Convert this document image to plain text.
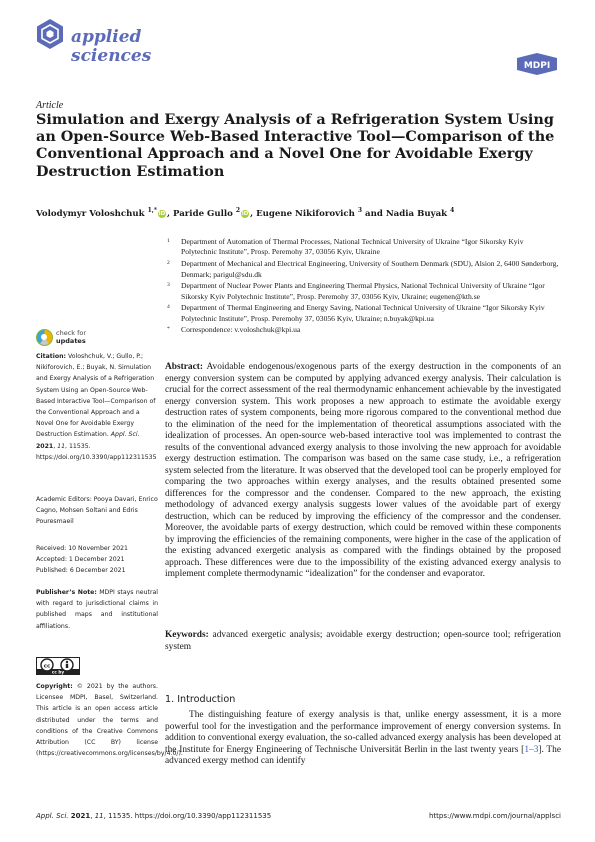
applied
sciences	MDPI
Article
Simulation and Exergy Analysis of a Refrigeration System Using an Open-Source Web-Based Interactive Tool—Comparison of the Conventional Approach and a Novel One for Avoidable Exergy Destruction Estimation
Volodymyr Voloshchuk $^{1,*}$ iD , Paride Gullo $^2$ iD , Eugene Nikiforovich $^3$ and Nadia Buyak $^4$
1 Department of Automation of Thermal Processes, National Technical University of Ukraine “Igor Sikorsky Kyiv Polytechnic Institute”, Prosp. Peremohy 37, 03056 Kyiv, Ukraine
2 Department of Mechanical and Electrical Engineering, University of Southern Denmark (SDU), Alsion 2, 6400 Sønderborg, Denmark; parigul@sdu.dk
3 Department of Nuclear Power Plants and Engineering Thermal Physics, National Technical University of Ukraine “Igor Sikorsky Kyiv Polytechnic Institute”, Prosp. Peremohy 37, 03056 Kyiv, Ukraine; eugenen@kth.se
4 Department of Thermal Engineering and Energy Saving, National Technical University of Ukraine “Igor Sikorsky Kyiv Polytechnic Institute”, Prosp. Peremohy 37, 03056 Kyiv, Ukraine; n.buyak@kpi.ua
* Correspondence: v.voloshchuk@kpi.ua
check for
updates
Citation: Voloshchuk, V.; Gullo, P.; Nikiforovich, E.; Buyak, N. Simulation and Exergy Analysis of a Refrigeration System Using an Open-Source Web-Based Interactive Tool—Comparison of the Conventional Approach and a Novel One for Avoidable Exergy Destruction Estimation. Appl. Sci. 2021, 11, 11535. https://doi.org/10.3390/app112311535
Academic Editors: Pooya Davari, Enrico Cagno, Mohsen Soltani and Edris Pouresmaeil
Received: 10 November 2021
Accepted: 1 December 2021
Published: 6 December 2021
Publisher’s Note: MDPI stays neutral with regard to jurisdictional claims in published maps and institutional affiliations.
cc
cc by
Copyright: © 2021 by the authors. Licensee MDPI, Basel, Switzerland. This article is an open access article distributed under the terms and conditions of the Creative Commons Attribution (CC BY) license (https://creativecommons.org/licenses/by/4.0/).
Abstract: Avoidable endogenous/exogenous parts of the exergy destruction in the components of an energy conversion system can be computed by applying advanced exergy analysis. Their calculation is crucial for the correct assessment of the real thermodynamic enhancement achievable by the investigated energy conversion system. This work proposes a new approach to estimate the avoidable exergy destruction rates of system components, being more rigorous compared to the conventional method due to the elimination of the need for the implementation of theoretical assumptions associated with the idealization of processes. An open-source web-based interactive tool was implemented to contrast the results of the conventional advanced exergy analysis to those involving the new approach for avoidable exergy destruction estimation. The comparison was based on the same case study, i.e., a refrigeration system selected from the literature. It was observed that the developed tool can be properly employed for comparing the two approaches within exergy analyses, and the results obtained presented some differences for the compressor and the condenser. Compared to the new approach, the existing methodology of advanced exergy analysis suggests lower values of the avoidable part of exergy destruction, which can be reduced by improving the efficiency of the compressor and the condenser. Moreover, the avoidable parts of exergy destruction, which could be removed within these components by improving the efficiencies of the remaining components, were higher in the case of the application of the existing advanced exergetic analysis as compared with the findings obtained by the proposed approach. These differences were due to the impossibility of the existing advanced exergy analysis to implement complete thermodynamic “idealization” for the condenser and evaporator.
Keywords: advanced exergetic analysis; avoidable exergy destruction; open-source tool; refrigeration system
1. Introduction
The distinguishing feature of exergy analysis is that, unlike energy assessment, it is a more powerful tool for the investigation and the performance improvement of energy conversion systems. In addition to conventional exergy evaluation, the so-called advanced exergy analysis has been developed at the Institute for Energy Engineering of Technische Universität Berlin in the last twenty years [1–3]. The advanced exergy method can identify
Appl. Sci. 2021, 11, 11535. https://doi.org/10.3390/app112311535	https://www.mdpi.com/journal/applsci
